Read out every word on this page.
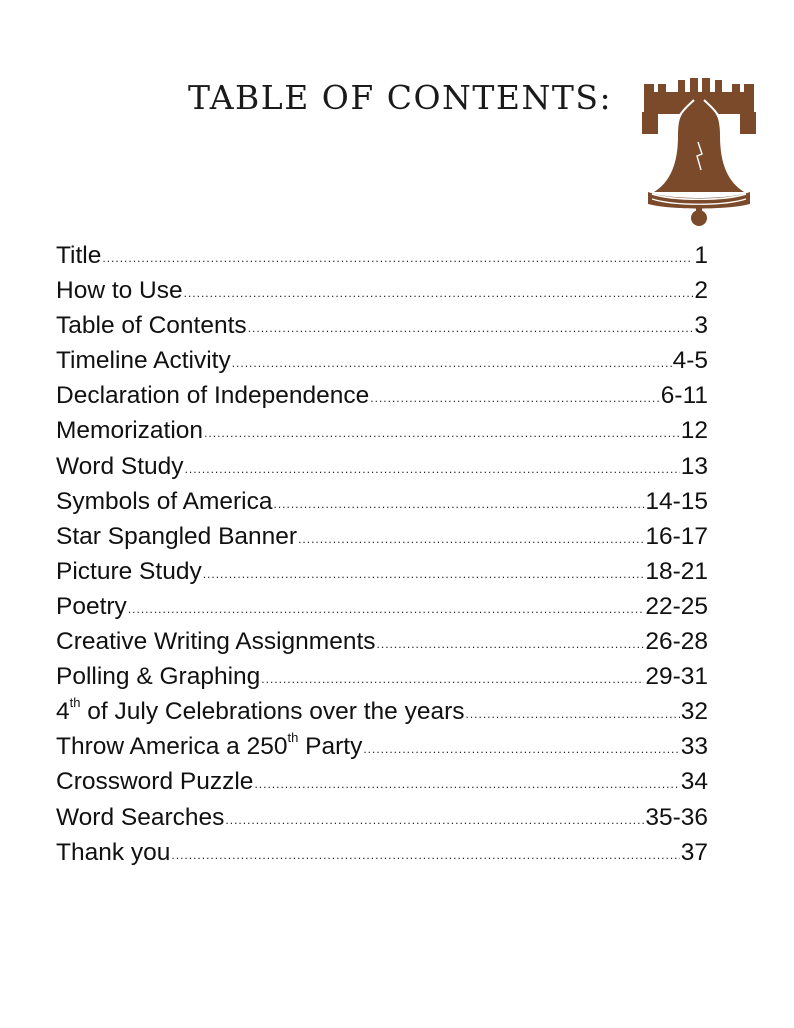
TABLE OF CONTENTS:
Title .....	1
How to Use .....	2
Table of Contents .....	3
Timeline Activity .....	4-5
Declaration of Independence .....	6-11
Memorization .....	12
Word Study .....	13
Symbols of America .....	14-15
Star Spangled Banner .....	16-17
Picture Study .....	18-21
Poetry .....	22-25
Creative Writing Assignments .....	26-28
Polling & Graphing .....	29-31
4th of July Celebrations over the years .....	32
Throw America a 250th Party .....	33
Crossword Puzzle .....	34
Word Searches .....	35-36
Thank you .....	37
